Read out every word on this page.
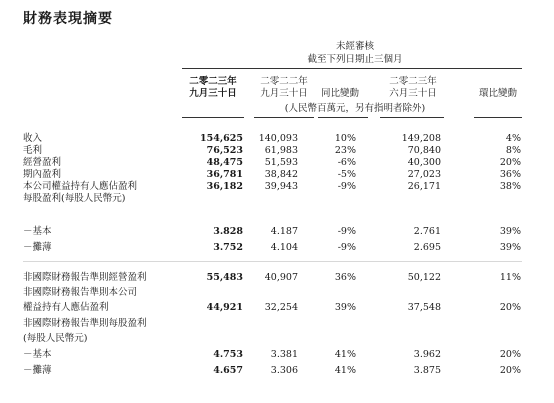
財務表現摘要
未經審核
截至下列日期止三個月
二零二三年
九月三十日
二零二二年
九月三十日	同比變動
二零二三年
六月三十日	環比變動
(人民幣百萬元，另有指明者除外)
收入	154,625 140,093	10%	149,208	4%
毛利	76,523 61,983	23%	70,840	8%
經營盈利	48,475 51,593	-6%	40,300	20%
期內盈利	36,781 38,842	-5%	27,023	36%
本公司權益持有人應佔盈利	36,182 39,943	-9%	26,171	38%
每股盈利(每股人民幣元)
－基本	3.828	4.187	-9%	2.761	39%
－攤薄	3.752	4.104	-9%	2.695	39%
非國際財務報告準則經營盈利	55,483 40,907	36%	50,122	11%
非國際財務報告準則本公司
權益持有人應佔盈利	44,921 32,254	39%	37,548	20%
非國際財務報告準則每股盈利
(每股人民幣元)
－基本	4.753	3.381	41%	3.962	20%
－攤薄	4.657	3.306	41%	3.875	20%
